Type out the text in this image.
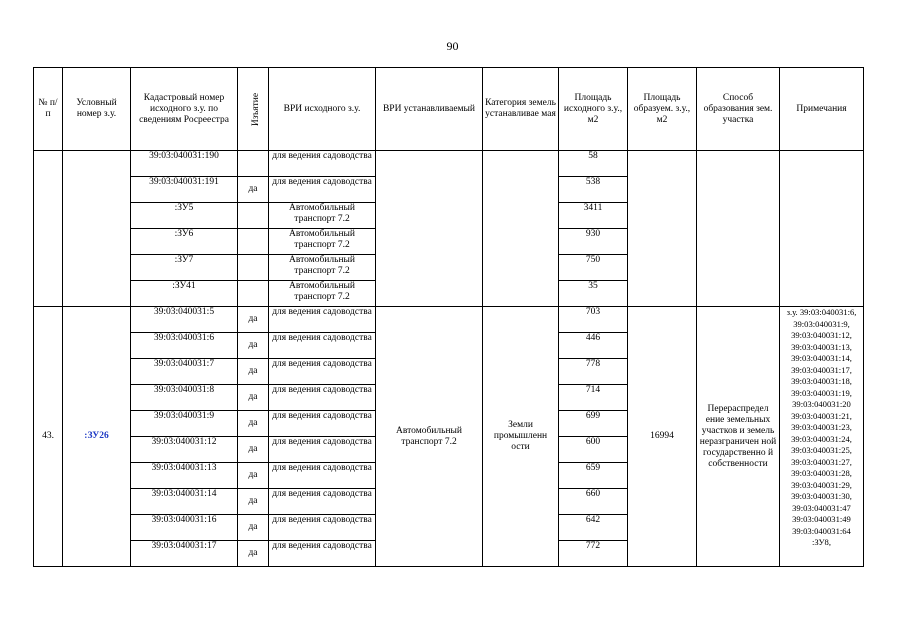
90
№ п/п	Условный номер з.у.	Кадастровый номер исходного з.у. по сведениям Росреестра	Изъятие	ВРИ исходного з.у.	ВРИ устанавливаемый	Категория земель устанавливае мая	Площадь исходного з.у., м2	Площадь образуем. з.у., м2	Способ образования зем. участка	Примечания
		39:03:040031:190		для ведения садоводства			58			
		39:03:040031:191	да	для ведения садоводства			538			
		:ЗУ5		Автомобильный транспорт 7.2			3411			
		:ЗУ6		Автомобильный транспорт 7.2			930			
		:ЗУ7		Автомобильный транспорт 7.2			750			
		:ЗУ41		Автомобильный транспорт 7.2			35			
43.	:ЗУ26	39:03:040031:5	да	для ведения садоводства	Автомобильный транспорт 7.2	Земли промышленн ости	703	16994	Перераспредел ение земельных участков и земель неразграничен ной государственно й собственности	з.у. 39:03:040031:6, 39:03:040031:9, 39:03:040031:12, 39:03:040031:13, 39:03:040031:14, 39:03:040031:17, 39:03:040031:18, 39:03:040031:19, 39:03:040031:20 39:03:040031:21, 39:03:040031:23, 39:03:040031:24, 39:03:040031:25, 39:03:040031:27, 39:03:040031:28, 39:03:040031:29, 39:03:040031:30, 39:03:040031:47 39:03:040031:49 39:03:040031:64 :ЗУ8,
		39:03:040031:6	да	для ведения садоводства			446			
		39:03:040031:7	да	для ведения садоводства			778			
		39:03:040031:8	да	для ведения садоводства			714			
		39:03:040031:9	да	для ведения садоводства			699			
		39:03:040031:12	да	для ведения садоводства			600			
		39:03:040031:13	да	для ведения садоводства			659			
		39:03:040031:14	да	для ведения садоводства			660			
		39:03:040031:16	да	для ведения садоводства			642			
		39:03:040031:17	да	для ведения садоводства			772			
